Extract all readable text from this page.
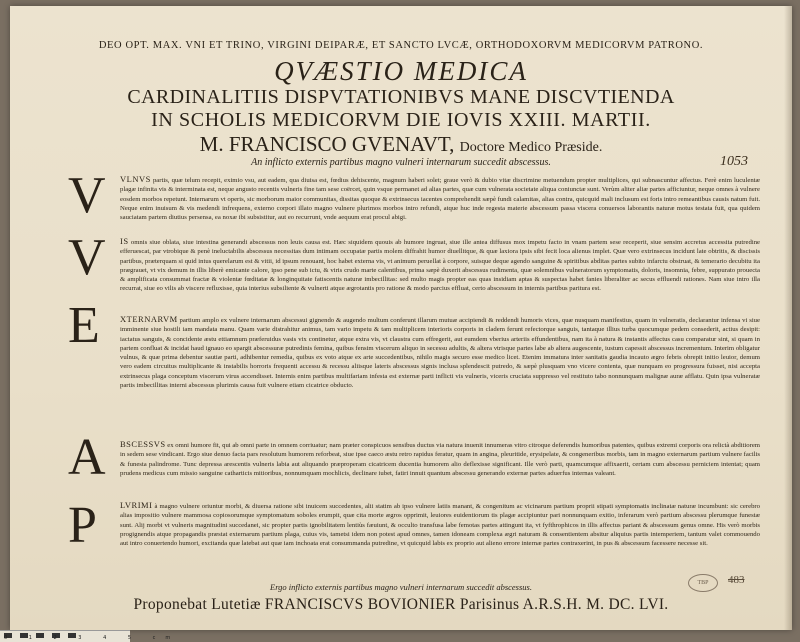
DEO OPT. MAX. VNI ET TRINO, VIRGINI DEIPARÆ, ET SANCTO LVCÆ, ORTHODOXORVM MEDICORVM PATRONO.
QVÆSTIO MEDICA
CARDINALITIIS DISPVTATIONIBVS MANE DISCVTIENDA
IN SCHOLIS MEDICORVM DIE IOVIS XXIII. MARTII.
M. FRANCISCO GVENAVT, Doctore Medico Præside.
An inflicto externis partibus magno vulneri internarum succedit abscessus.	1053
V VLNVS partis, quæ telum recepit, eximio vsu, aut eadem, qua diuisa est, fœdius dehiscente, magnum haberi solet; graue verò & dubio vitæ discrimine metuendum propter multiplices, qui subnascuntur affectus. Ferè enim luculentæ plagæ infinita vis & interminata est, neque angusto recentis vulneris fine tam sese coërcet, quin vsque permanet ad alias partes, quæ cum vulnerata societate aliqua coniunctæ sunt. Verùm aliter aliæ partes afficiuntur, neque omnes à vulnere eosdem morbos repetunt. Internarum vt operis, sic morborum maior communitas, dissitas quoque & extrinsecus iacentes comprehendit sæpè fundi calamitas, alias contra, quicquid mali inclusum est foris intro remeantibus causis natum fuit. Neque enim inuisum & vis medendi infrequens, externo corpori illato magno vulnere plurimos morbos intro refundi, atque huc inde regesta materie abscessum passa viscera conuersos laborantis naturæ motus testata fuit, qua quidem sauciatam partem diutius persensa, ea noxæ ibi subsistitur, aut eo recurrunt, vnde aequum erat procul abigi.
V IS omnis siue oblata, siue intestina generandi abscessus non leuis causa est. Hæc siquidem quouis ab humore ingruat, siue ille antea diffusus mox impetu facto in vnam partem sese receperit, siue sensim accretus accessita putredine efferuescat, par vtrobique & penè ineluctabilis abscessus necessitas dum intimam occupatæ partis molem diffrahit humor diuellitque, & quæ laxiora ipsis sibi fecit loca alienus implet. Quæ vero extrinsecus incidunt late obtritis, & discissis partibus, præterquam si quid intus querelarum est & vitii, id ipsum renouant, hoc habet externa vis, vt animum peruellat à corpore, suisque deque agendo sanguine & spiritibus abditas partes subito infarctu obstruat, & temerario decubitu ita prægrauet, vt vix demum in illis liberè emicante calore, ipso pene sub ictu, & viris crudo marte calentibus, prima sæpè duxerit abscessus rudimenta, quæ solemnibus vulneratorum symptomatis, doloris, insomnia, febre, suppurato prouecta & amplificata consummat fractæ & violentæ fœditatæ & longinquitate fatiscentis naturæ imbecillitas: sed multo magis propter eas quas insidiam aptas & suspectas habet fanies liberaliter ac secus effluendi rationes. Nam siue intro illa recurrat, siue eo vilis ab viscere refluxisse, quia interius subsiliente & vulnerti atque ægrotantis pro ratione & modo parcius effluat, certo abscessum in internis partibus paritura est.
E XTERNARVM partium amplo ex vulnere internarum abscessui gignendo & augendo multum conferunt illarum mutuæ accipiendi & reddendi humoris vices, quæ nusquam manifestius, quam in vulneratis, declarantur infensa vi siue imminente siue hostili iam mandata manu. Quam varie distrahitur animus, tam vario impetu & tam multiplicem interioris corporis in cladem ferunt refectorque sanguis, tantaque illius turba quocumque pedem consederit, actius desipit: iactatus sanguis, & concidente æstu ettiamnum præferuidus vasis vix continetur, atque extra vis, vt claustra cum effregerit, aut eumdem vberius arteriis effundentibus, nam ita à natura & instantis affectus casu comparatur sint, si quam in partem confluat & incidat haud ignauo eo spargit abscessuræ putredinis femina, quibus fensim viscerum aliquo in secessu adultis, & altera vtrisque partes labe ab altera augescente, iustum capessit abscessus incrementum. Interim obligatur vulnus, & quæ prima debentur sautiæ parti, adhibentur remedia, quibus ex voto atque ex arte succedentibus, nihilo magis securo esse medico licet. Etenim immatura inter sanitatis gaudia incauto ægro febris obrepit initio leuior, demum vero eadem circuitus multiplicante & instabilis horroris frequenti accessu & recessu aliisque lateris abscessus signis inclusa splendescit putredo, & sæpè plusquam vno vicere contenta, quæ nunquam eo progressura fuisset, nisi accepta extrinsecus plaga conceptum viscerum virus accendisset. Internis enim partibus multifariam infesta est externæ parti inflicti vis vulneris, viceris cruciata suppresso vel restituto tabo nonnunquam malignæ auræ afflatu. Quin ipsa vulneratæ partis imbecillitas interni abscessus plurimis causa fuit vulnere etiam cicatrice obducto.
A BSCESSVS ex omni humore fit, qui ab omni parte in omnem corriuatur; nam præter conspicuos sensibus ductus via natura inuenit innumeras vitro citroque deferendis humoribus patentes, quibus extremi corporis ora relictà abditiorem in sedem sese vindicant. Ergo siue denuo facta pars resolutum humorem reforbeat, siue ipse caeco æstu retro rapidus feratur, quam in angina, pleuritide, erysipelate, & congeneribus morbis, tam in magno externarum partium vulnere facilis & funesta palindrome. Tunc depressa arescentis vulneris labia aut aliquando præproperam cicatricem ducentia humorem alio deflexisse significant. Ille verò parti, quamcumque affixaerit, certam cum abscessu perniciem intentat; quam prudens medicus cum missio sanguine catharticis mitioribus, nonnumquam mochlicis, declinare iubet, fatiri innuit quantum abscessu generando externæ partes aduerfus internas valeant.
P	LVRIMI à magno vulnere oriuntur morbi, & diuersa ratione sibi inuicem succedentes, alii statim ab ipso vulnere latiis manant, & congenitum ac vicinarum partium proprii stipati symptomatis inclinatæ naturæ incumbunt: sic cerebro alias impositio vulnere mammosa copiosorumque symptomatum soboles erumpit, quæ cita morte ægros opprimit, leuiores euidentiorum tis plagæ accipiuntur pari nonnunquam exitio, inferarum verò partium abscessu plerumque funestæ sunt. Alij morbi vt vulneris magnitudini succedanei, sic propter partis ignobilitatem lentiùs fæuiunt, & occulto transfusa labe femotas partes attingunt ita, vt fyfthrophicos in illis affectus pariant & abscessum genus omne. His verò morbis progignendis atque propagandis præstat externarum partium plaga, cuius vis, tametsi idem non potest apud omnes, tamen idoneam complexa ægri naturam & consentientem absitur aliquius partis intemperiem, tantum valet commouendo aut intro conuertendo humori, excitanda quæ latebat aut quæ iam inchoata erat consummanda putredine, vt quicquid labis ex proprio aut alieno errore internæ partes contraxerint, in pus & abscessum facessere necesse sit.
Ergo inflicto externis partibus magno vulneri internarum succedit abscessus.
Proponebat Lutetiæ FRANCISCVS BOVIONIER Parisinus A.R.S.H. M. DC. LVI.
TBP	483
0 1 2 3 4 5 cm
